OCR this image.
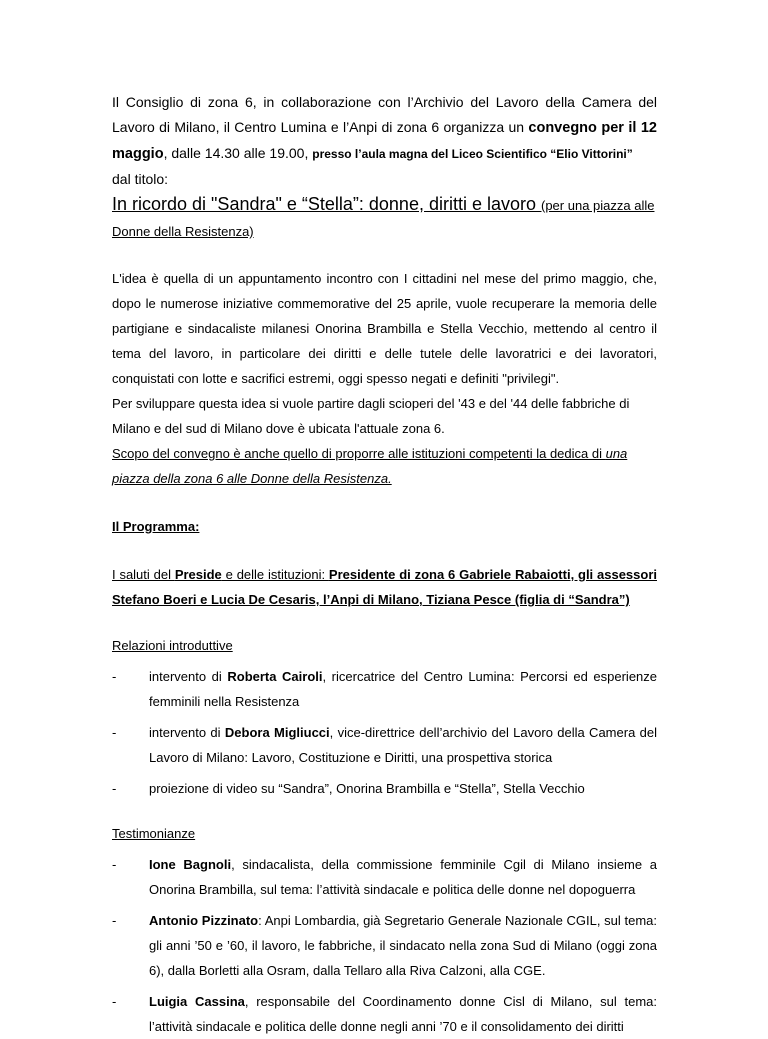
Il Consiglio di zona 6, in collaborazione con l’Archivio del Lavoro della Camera del Lavoro di Milano, il Centro Lumina e l’Anpi di zona 6 organizza un convegno per il 12 maggio, dalle 14.30 alle 19.00, presso l’aula magna del Liceo Scientifico “Elio Vittorini”
dal titolo:

In ricordo di "Sandra" e “Stella”: donne, diritti e lavoro (per una piazza alle Donne della Resistenza)

L'idea è quella di un appuntamento incontro con I cittadini nel mese del primo maggio, che, dopo le numerose iniziative commemorative del 25 aprile, vuole recuperare la memoria delle partigiane e sindacaliste milanesi Onorina Brambilla e Stella Vecchio, mettendo al centro il tema del lavoro, in particolare dei diritti e delle tutele delle lavoratrici e dei lavoratori, conquistati con lotte e sacrifici estremi, oggi spesso negati e definiti "privilegi".

Per sviluppare questa idea si vuole partire dagli scioperi del '43 e del '44 delle fabbriche di Milano e del sud di Milano dove è ubicata l'attuale zona 6.

Scopo del convegno è anche quello di proporre alle istituzioni competenti la dedica di una piazza della zona 6 alle Donne della Resistenza.

Il Programma:

I saluti del Preside e delle istituzioni: Presidente di zona 6 Gabriele Rabaiotti, gli assessori Stefano Boeri e Lucia De Cesaris, l’Anpi di Milano, Tiziana Pesce (figlia di “Sandra”)

Relazioni introduttive

-	intervento di Roberta Cairoli, ricercatrice del Centro Lumina: Percorsi ed esperienze femminili nella Resistenza
-	intervento di Debora Migliucci, vice-direttrice dell’archivio del Lavoro della Camera del Lavoro di Milano: Lavoro, Costituzione e Diritti, una prospettiva storica
-	proiezione di video su “Sandra”, Onorina Brambilla e “Stella”, Stella Vecchio

Testimonianze

-	Ione Bagnoli, sindacalista, della commissione femminile Cgil di Milano insieme a Onorina Brambilla, sul tema: l’attività sindacale e politica delle donne nel dopoguerra
-	Antonio Pizzinato: Anpi Lombardia, già Segretario Generale Nazionale CGIL, sul tema: gli anni ’50 e ’60, il lavoro, le fabbriche, il sindacato nella zona Sud di Milano (oggi zona 6), dalla Borletti alla Osram, dalla Tellaro alla Riva Calzoni, alla CGE.
-	Luigia Cassina, responsabile del Coordinamento donne Cisl di Milano, sul tema: l’attività sindacale e politica delle donne negli anni ’70 e il consolidamento dei diritti
